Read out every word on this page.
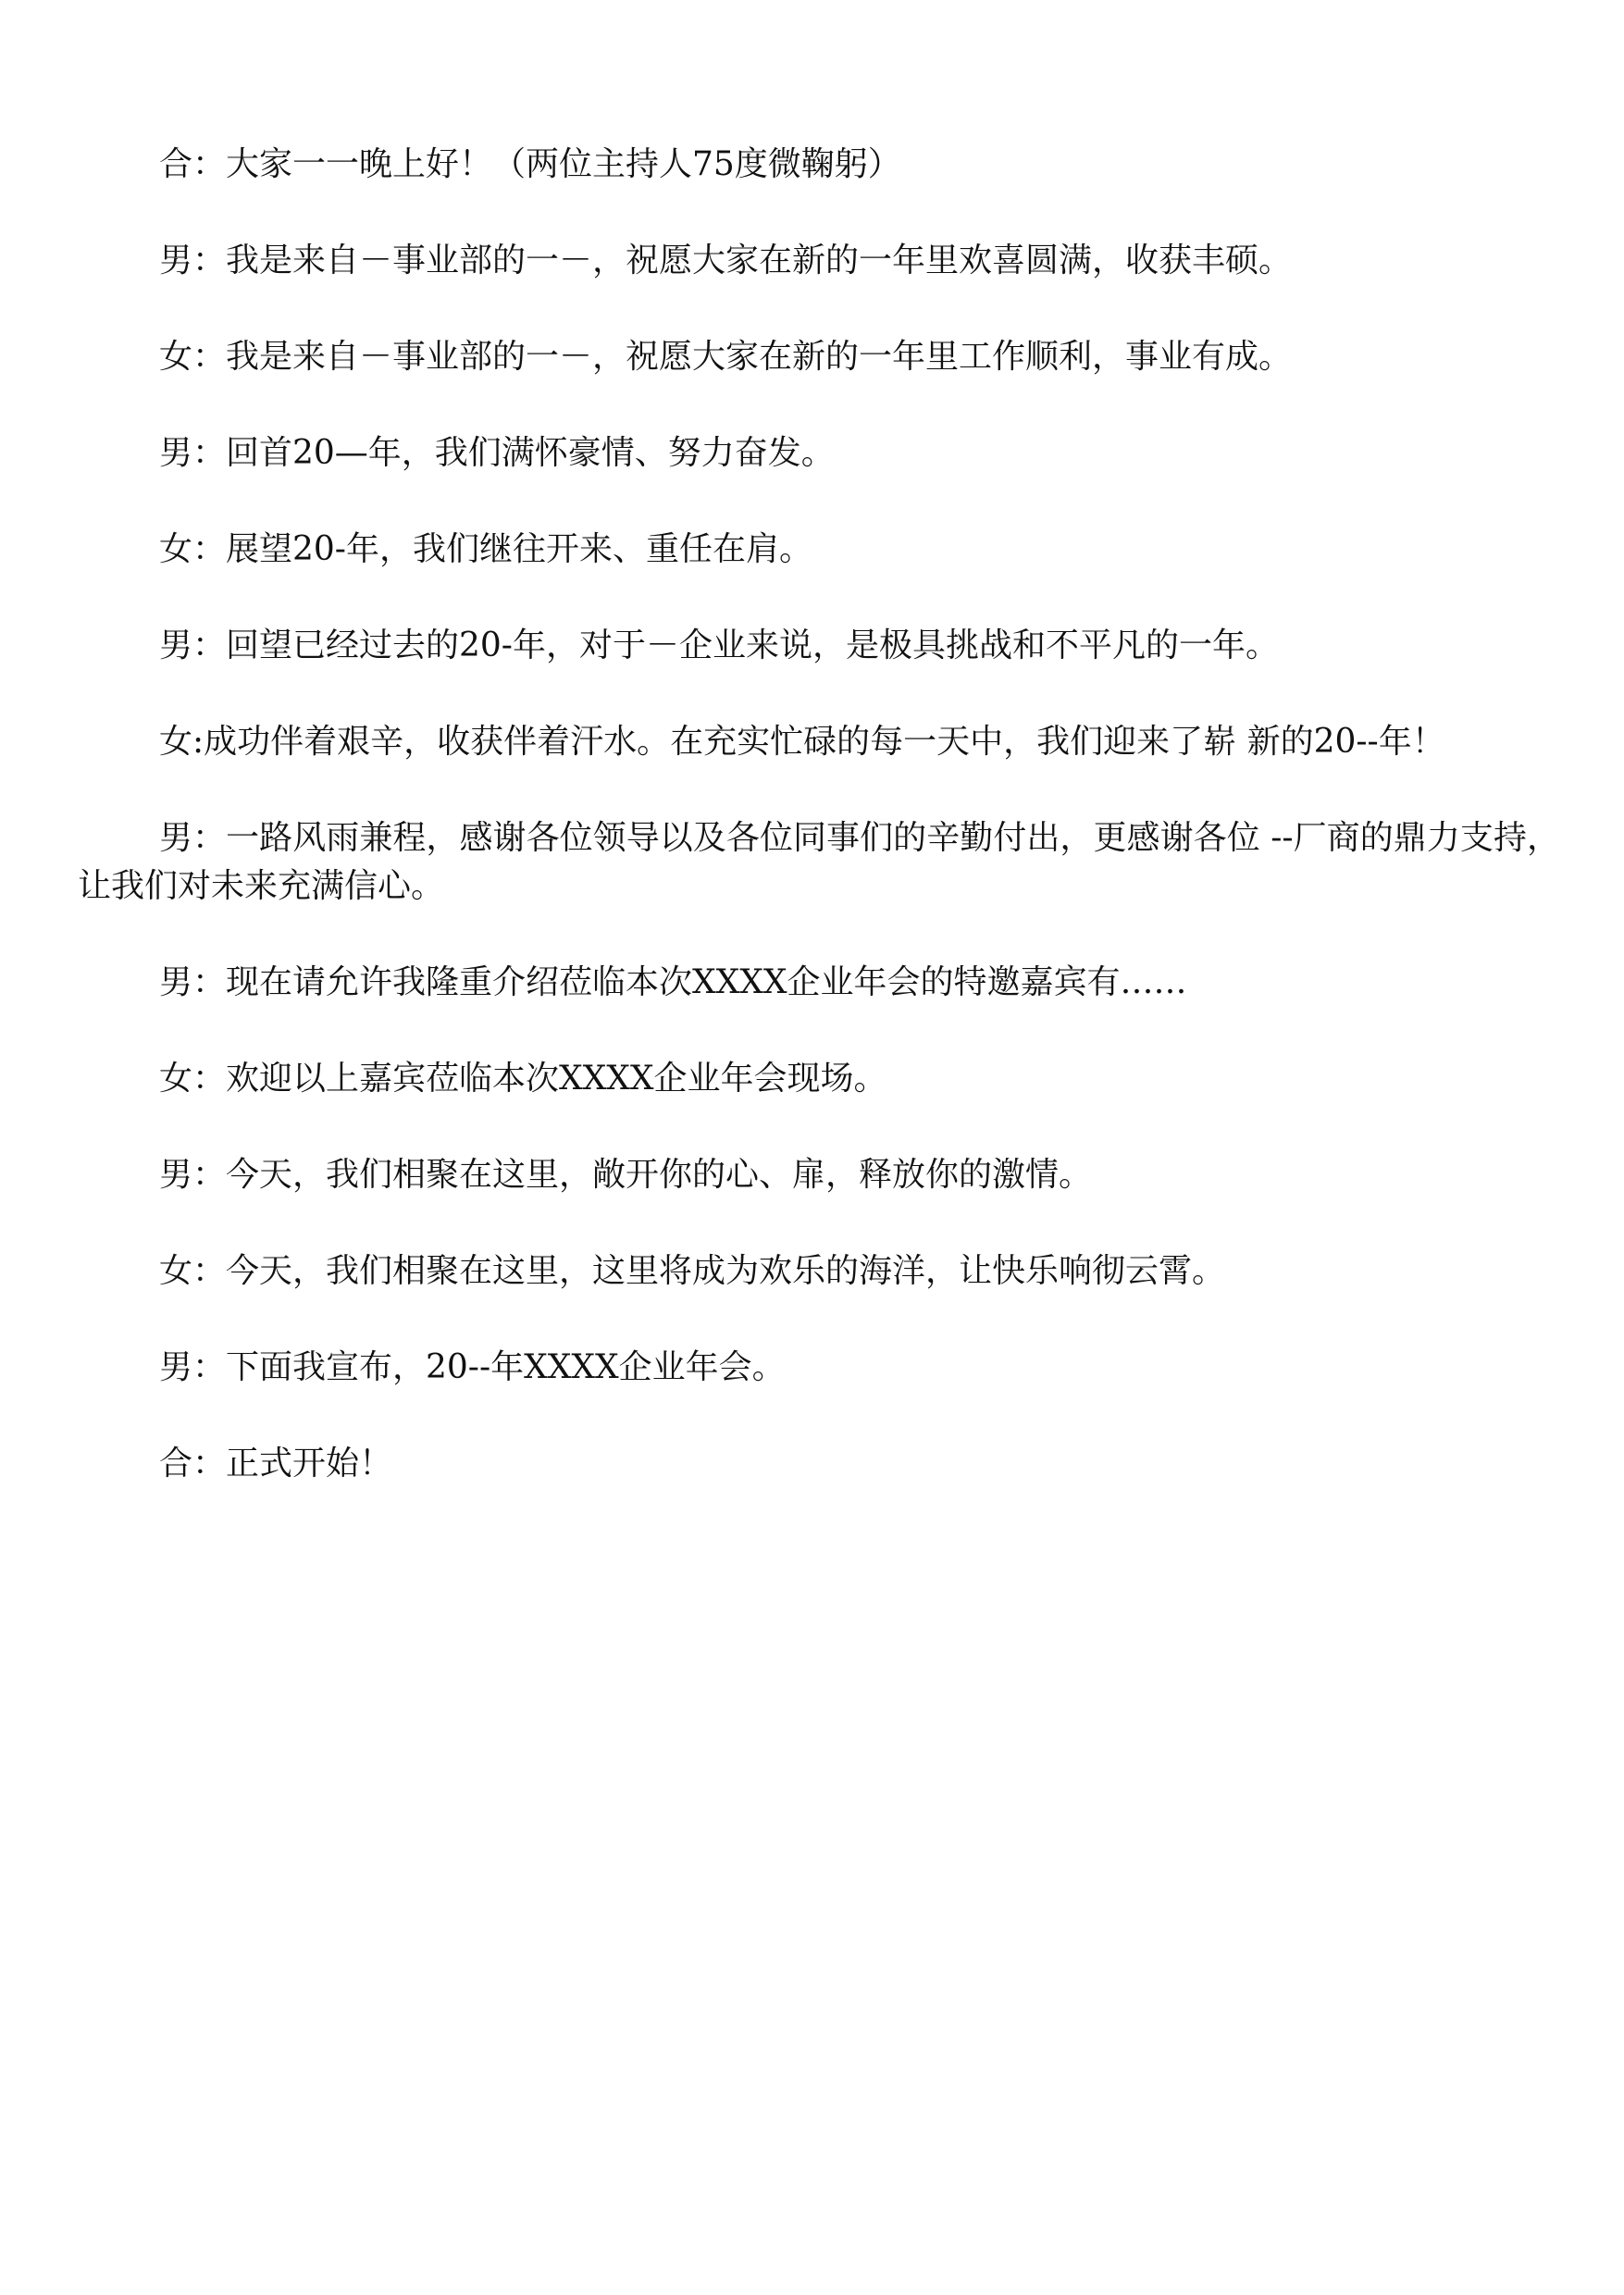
合：大家一一晚上好！（两位主持人75度微鞠躬）

男：我是来自－事业部的一－，祝愿大家在新的一年里欢喜圆满，收获丰硕。

女：我是来自－事业部的一－，祝愿大家在新的一年里工作顺利，事业有成。

男：回首20—年，我们满怀豪情、努力奋发。

女：展望20-年，我们继往开来、重任在肩。

男：回望已经过去的20-年，对于－企业来说，是极具挑战和不平凡的一年。

女:成功伴着艰辛，收获伴着汗水。在充实忙碌的每一天中，我们迎来了崭 新的20--年！

男：一路风雨兼程，感谢各位领导以及各位同事们的辛勤付出，更感谢各位 --厂商的鼎力支持，让我们对未来充满信心。

男：现在请允许我隆重介绍莅临本次XXXX企业年会的特邀嘉宾有……

女：欢迎以上嘉宾莅临本次XXXX企业年会现场。

男：今天，我们相聚在这里，敞开你的心、扉，释放你的激情。

女：今天，我们相聚在这里，这里将成为欢乐的海洋，让快乐响彻云霄。

男：下面我宣布，20--年XXXX企业年会。

合：正式开始！
